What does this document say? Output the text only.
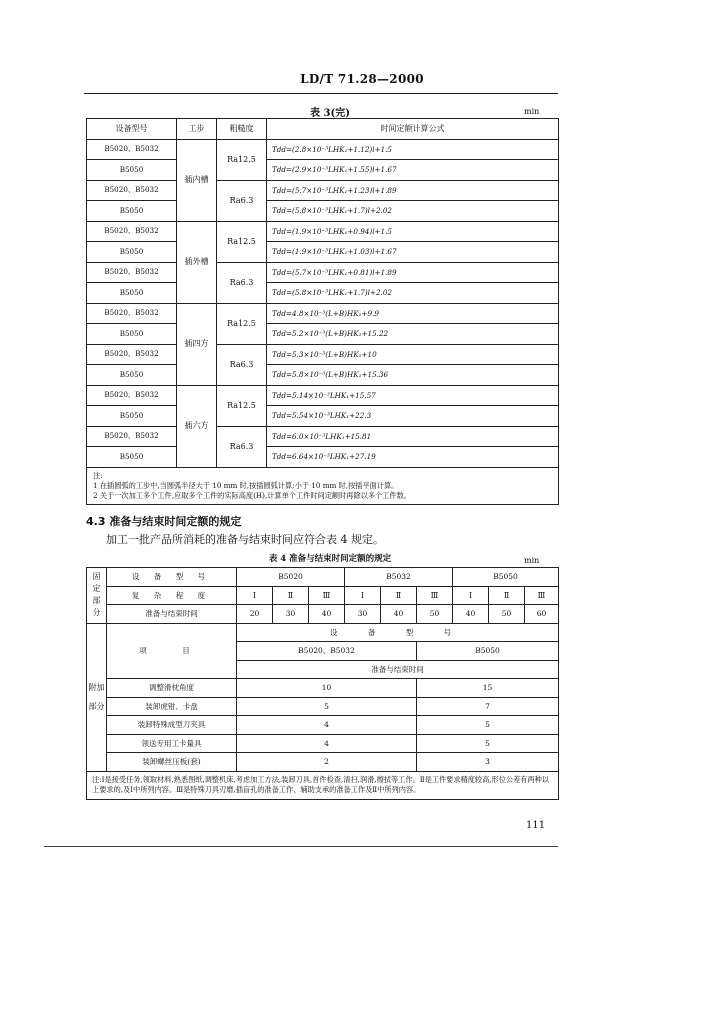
LD/T 71.28—2000
表 3(完)	min
设备型号	工步	粗糙度	时间定额计算公式
B5020、B5032	插内槽	Ra12.5	Tdd=(2.8×10⁻³LHK₁+1.12)l+1.5
B5050			Tdd=(2.9×10⁻³LHK₁+1.55)l+1.67
B5020、B5032		Ra6.3	Tdd=(5.7×10⁻³LHK₁+1.23)l+1.89
B5050			Tdd=(5.8×10⁻³LHK₁+1.7)l+2.02
B5020、B5032	插外槽	Ra12.5	Tdd=(1.9×10⁻³LHK₁+0.94)l+1.5
B5050			Tdd=(1.9×10⁻³LHK₁+1.03)l+1.67
B5020、B5032		Ra6.3	Tdd=(5.7×10⁻³LHK₁+0.81)l+1.89
B5050			Tdd=(5.8×10⁻³LHK₁+1.7)l+2.02
B5020、B5032	插四方	Ra12.5	Tdd=4.8×10⁻³(L+B)HK₁+9.9
B5050			Tdd=5.2×10⁻³(L+B)HK₁+15.22
B5020、B5032		Ra6.3	Tdd=5.3×10⁻³(L+B)HK₁+10
B5050			Tdd=5.8×10⁻³(L+B)HK₁+15.36
B5020、B5032	插六方	Ra12.5	Tdd=5.14×10⁻³LHK₁+15.57
B5050			Tdd=5.54×10⁻³LHK₁+22.3
B5020、B5032		Ra6.3	Tdd=6.0×10⁻³LHK₁+15.81
B5050			Tdd=6.64×10⁻³LHK₁+27.19

注:
1 在插圆弧的工步中,当圆弧半径大于 10 mm 时,按插圆弧计算;小于 10 mm 时,按插平面计算。
2 关于一次加工多个工件,应取多个工件的实际高度(H),计算单个工件时间定额时再除以多个工件数。			
4.3 准备与结束时间定额的规定
加工一批产品所消耗的准备与结束时间应符合表 4 规定。
表 4 准备与结束时间定额的规定	min
固定部分	设 备 型 号	B5020			B5032			B5050		
	复 杂 程 度	Ⅰ	Ⅱ	Ⅲ	Ⅰ	Ⅱ	Ⅲ	Ⅰ	Ⅱ	Ⅲ
	准备与结束时间	20	30	40	30	40	50	40	50	60
附加部分	项　目	设 备 型 号								
		B5020、B5032					B5050			
		准备与结束时间								
	调整滑枕角度	10					15			
	装卸虎钳、卡盘	5					7			
	装卸特殊成型刀夹具	4					5			
	领送专用工卡量具	4					5			
	装卸螺丝压板(套)	2					3			
注:Ⅰ是接受任务,领取材料,熟悉图纸,调整机床,考虑加工方法,装卸刀具,首件检查,清扫,润滑,擦拭等工作。Ⅱ是工件要求精度较高,形位公差有两种以上要求的,及Ⅰ中所列内容。Ⅲ是特殊刀具刃磨,插盲孔的准备工作、辅助支承的准备工作及Ⅱ中所列内容。										
111
